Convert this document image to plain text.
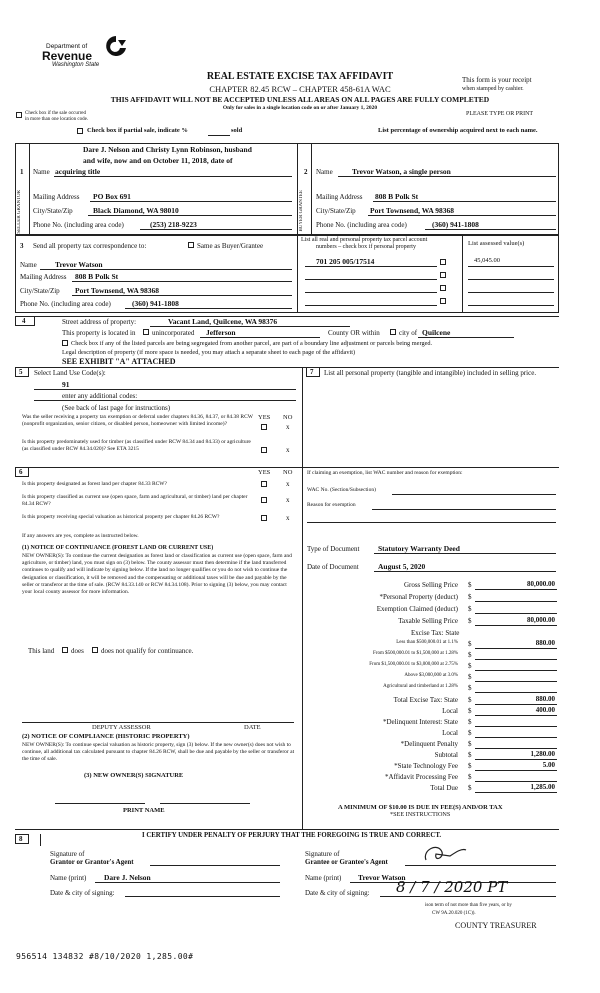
Department of
Revenue
Washington State
REAL ESTATE EXCISE TAX AFFIDAVIT
CHAPTER 82.45 RCW – CHAPTER 458-61A WAC
THIS AFFIDAVIT WILL NOT BE ACCEPTED UNLESS ALL AREAS ON ALL PAGES ARE FULLY COMPLETED
Only for sales in a single location code on or after January 1, 2020
This form is your receipt
when stamped by cashier.
PLEASE TYPE OR PRINT
Check box if the sale occurred
in more than one location code.
Check box if partial sale, indicate %	sold	List percentage of ownership acquired next to each name.
SELLER GRANTOR	BUYER GRANTEE
1
Dare J. Nelson and Christy Lynn Robinson, husband
and wife, now and on October 11, 2018, date of
Name acquiring title
Mailing Address PO Box 691
City/State/Zip	Black Diamond, WA 98010
Phone No. (including area code)	(253) 218-9223
2 Name	Trevor Watson, a single person
Mailing Address 808 B Polk St
City/State/Zip Port Townsend, WA 98368
Phone No. (including area code)	(360) 941-1808
3 Send all property tax correspondence to:	Same as Buyer/Grantee
Name Trevor Watson
Mailing Address 808 B Polk St
City/State/Zip Port Townsend, WA 98368
Phone No. (including area code)	(360) 941-1808
List all real and personal property tax parcel account
numbers – check box if personal property	List assessed value(s)
701 205 005/17514	45,045.00
4	Street address of property:	Vacant Land, Quilcene, WA 98376
This property is located in unincorporated Jefferson	County OR within	city of Quilcene
Check box if any of the listed parcels are being segregated from another parcel, are part of a boundary line adjustment or parcels being merged.
Legal description of property (if more space is needed, you may attach a separate sheet to each page of the affidavit)
SEE EXHIBIT "A" ATTACHED
5 Select Land Use Code(s):
91
enter any additional codes:
(See back of last page for instructions)
YES NO
Was the seller receiving a property tax exemption or deferral under chapters 84.36, 84.37, or 84.38 RCW (nonprofit organization, senior citizen, or disabled person, homeowner with limited income)?	x
Is this property predominately used for timber (as classified under RCW 84.34 and 84.33) or agriculture (as classified under RCW 84.34.020)? See ETA 3215	x
7 List all personal property (tangible and intangible) included in selling price.
6	YES NO
Is this property designated as forest land per chapter 84.33 RCW?	x
Is this property classified as current use (open space, farm and agricultural, or timber) land per chapter 84.34 RCW?	x
Is this property receiving special valuation as historical property per chapter 84.26 RCW?	x
If any answers are yes, complete as instructed below.
(1) NOTICE OF CONTINUANCE (FOREST LAND OR CURRENT USE)
NEW OWNER(S): To continue the current designation as forest land or classification as current use (open space, farm and agriculture, or timber) land, you must sign on (3) below. The county assessor must then determine if the land transferred continues to qualify and will indicate by signing below. If the land no longer qualifies or you do not wish to continue the designation or classification, it will be removed and the compensating or additional taxes will be due and payable by the seller or transferor at the time of sale. (RCW 84.33.140 or RCW 84.34.108). Prior to signing (3) below, you may contact your local county assessor for more information.
This land does does not qualify for continuance.
DEPUTY ASSESSOR	DATE
(2) NOTICE OF COMPLIANCE (HISTORIC PROPERTY)
NEW OWNER(S): To continue special valuation as historic property, sign (3) below. If the new owner(s) does not wish to continue, all additional tax calculated pursuant to chapter 84.26 RCW, shall be due and payable by the seller or transferor at the time of sale.
(3) NEW OWNER(S) SIGNATURE
PRINT NAME
If claiming an exemption, list WAC number and reason for exemption:
WAC No. (Section/Subsection)
Reason for exemption
Type of Document Statutory Warranty Deed
Date of Document	August 5, 2020
Gross Selling Price $	80,000.00
*Personal Property (deduct) $
Exemption Claimed (deduct) $
Taxable Selling Price $	80,000.00
Excise Tax: State
Less than $500,000.01 at 1.1% $	880.00
From $500,000.01 to $1,500,000 at 1.28% $
From $1,500,000.01 to $3,000,000 at 2.75% $
Above $3,000,000 at 3.0% $
Agricultural and timberland at 1.28% $
Total Excise Tax: State $	880.00
Local $	400.00
*Delinquent Interest: State $
Local $
*Delinquent Penalty $
Subtotal $	1,280.00
*State Technology Fee $	5.00
*Affidavit Processing Fee $
Total Due $	1,285.00
A MINIMUM OF $10.00 IS DUE IN FEE(S) AND/OR TAX
*SEE INSTRUCTIONS
8	I CERTIFY UNDER PENALTY OF PERJURY THAT THE FOREGOING IS TRUE AND CORRECT.
Signature of
Grantor or Grantor's Agent
Name (print) Dare J. Nelson
Date & city of signing:
Signature of
Grantee or Grantee's Agent
Name (print) Trevor Watson
Date & city of signing: 8 / 7 / 2020 PT
ison term of not more than five years, or by
CW 9A.20.020 (1C)).
COUNTY TREASURER
956514 134832 #8/10/2020 1,285.00#
